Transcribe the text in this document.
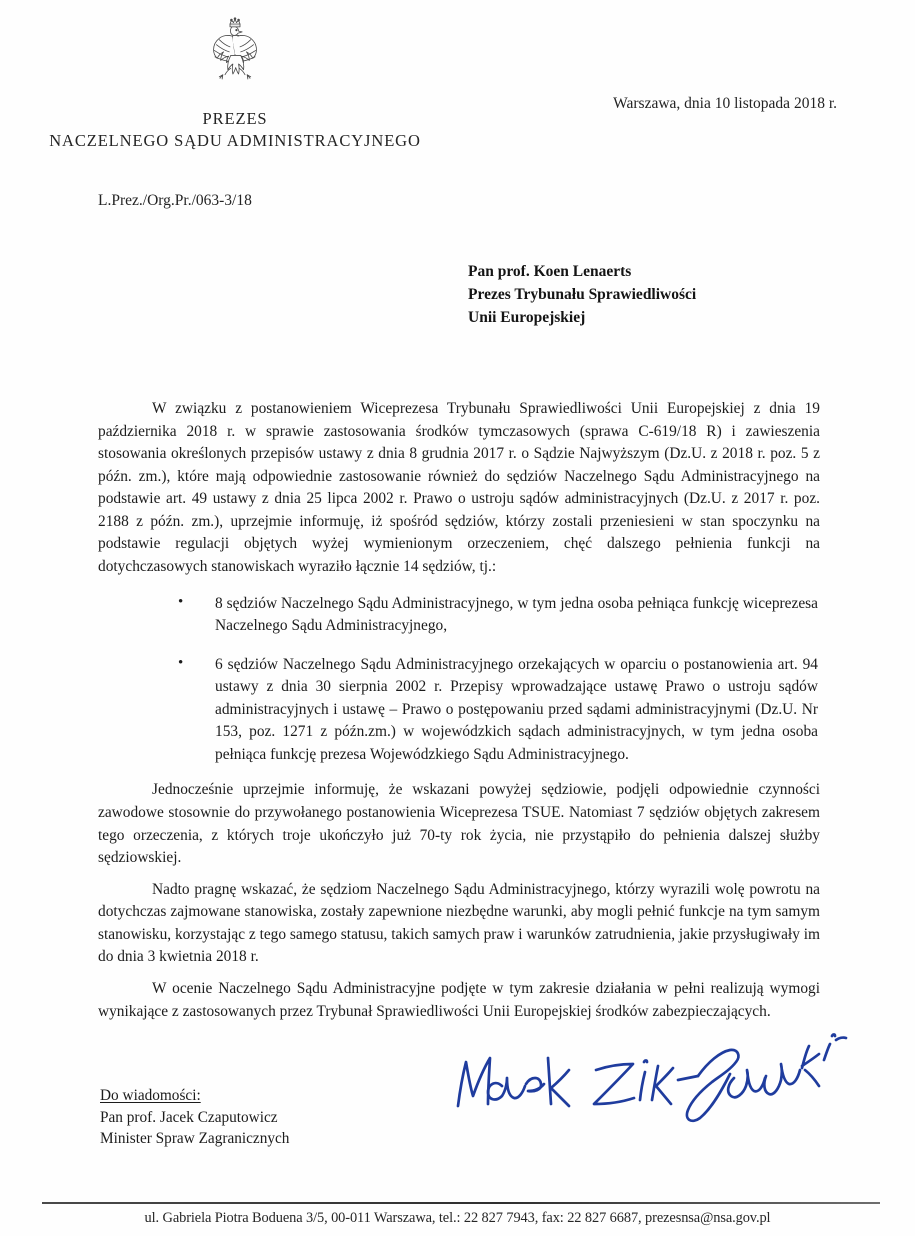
PREZES
NACZELNEGO SĄDU ADMINISTRACYJNEGO
Warszawa, dnia 10 listopada 2018 r.
L.Prez./Org.Pr./063-3/18
Pan prof. Koen Lenaerts
Prezes Trybunału Sprawiedliwości
Unii Europejskiej

W związku z postanowieniem Wiceprezesa Trybunału Sprawiedliwości Unii Europejskiej z dnia 19 października 2018 r. w sprawie zastosowania środków tymczasowych (sprawa C-619/18 R) i zawieszenia stosowania określonych przepisów ustawy z dnia 8 grudnia 2017 r. o Sądzie Najwyższym (Dz.U. z 2018 r. poz. 5 z późn. zm.), które mają odpowiednie zastosowanie również do sędziów Naczelnego Sądu Administracyjnego na podstawie art. 49 ustawy z dnia 25 lipca 2002 r. Prawo o ustroju sądów administracyjnych (Dz.U. z 2017 r. poz. 2188 z późn. zm.), uprzejmie informuję, iż spośród sędziów, którzy zostali przeniesieni w stan spoczynku na podstawie regulacji objętych wyżej wymienionym orzeczeniem, chęć dalszego pełnienia funkcji na dotychczasowych stanowiskach wyraziło łącznie 14 sędziów, tj.:

• 8 sędziów Naczelnego Sądu Administracyjnego, w tym jedna osoba pełniąca funkcję wiceprezesa Naczelnego Sądu Administracyjnego,
• 6 sędziów Naczelnego Sądu Administracyjnego orzekających w oparciu o postanowienia art. 94 ustawy z dnia 30 sierpnia 2002 r. Przepisy wprowadzające ustawę Prawo o ustroju sądów administracyjnych i ustawę – Prawo o postępowaniu przed sądami administracyjnymi (Dz.U. Nr 153, poz. 1271 z późn.zm.) w wojewódzkich sądach administracyjnych, w tym jedna osoba pełniąca funkcję prezesa Wojewódzkiego Sądu Administracyjnego.

Jednocześnie uprzejmie informuję, że wskazani powyżej sędziowie, podjęli odpowiednie czynności zawodowe stosownie do przywołanego postanowienia Wiceprezesa TSUE. Natomiast 7 sędziów objętych zakresem tego orzeczenia, z których troje ukończyło już 70-ty rok życia, nie przystąpiło do pełnienia dalszej służby sędziowskiej.

Nadto pragnę wskazać, że sędziom Naczelnego Sądu Administracyjnego, którzy wyrazili wolę powrotu na dotychczas zajmowane stanowiska, zostały zapewnione niezbędne warunki, aby mogli pełnić funkcje na tym samym stanowisku, korzystając z tego samego statusu, takich samych praw i warunków zatrudnienia, jakie przysługiwały im do dnia 3 kwietnia 2018 r.

W ocenie Naczelnego Sądu Administracyjne podjęte w tym zakresie działania w pełni realizują wymogi wynikające z zastosowanych przez Trybunał Sprawiedliwości Unii Europejskiej środków zabezpieczających.

Do wiadomości:
Pan prof. Jacek Czaputowicz
Minister Spraw Zagranicznych
ul. Gabriela Piotra Boduena 3/5, 00-011 Warszawa, tel.: 22 827 7943, fax: 22 827 6687, prezesnsa@nsa.gov.pl
